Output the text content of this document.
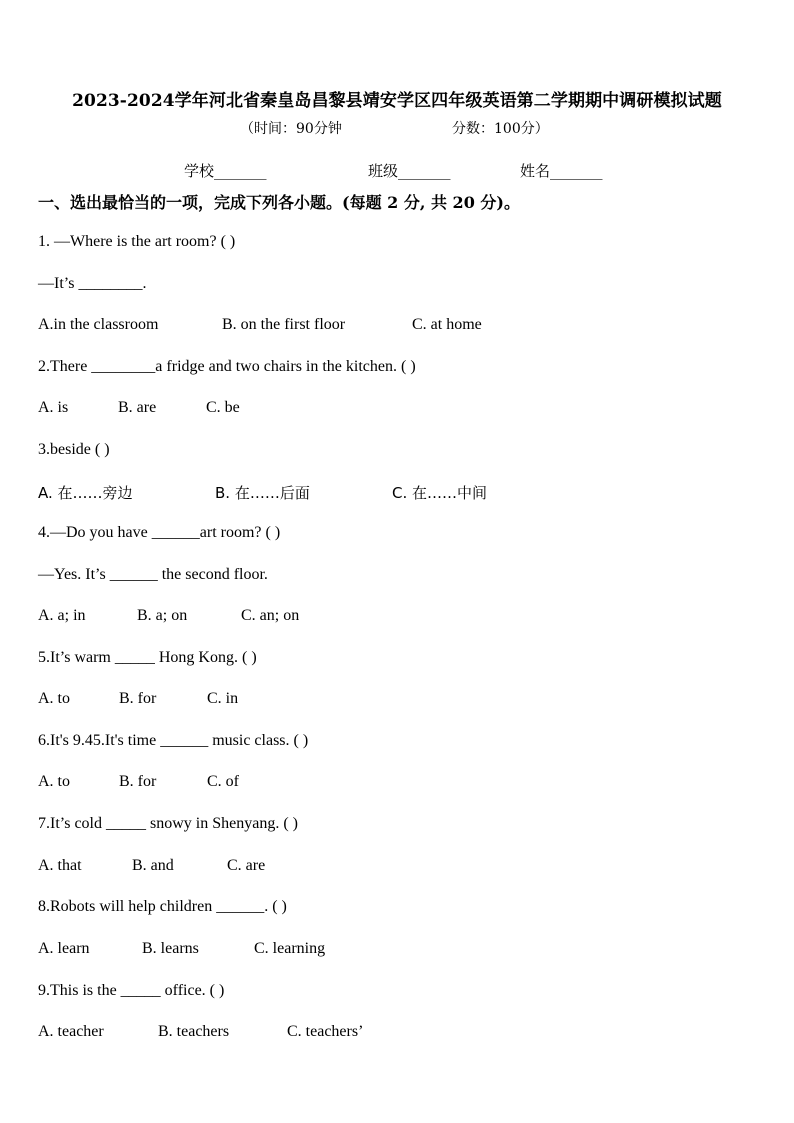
2023-2024学年河北省秦皇岛昌黎县靖安学区四年级英语第二学期期中调研模拟试题
（时间：90分钟	分数：100分）
学校_______	班级_______	姓名_______
一、选出最恰当的一项，完成下列各小题。(每题 2 分, 共 20 分)。
1. —Where is the art room? ( )
—It’s ________.
A.in the classroom	B. on the first floor	C. at home
2.There ________a fridge and two chairs in the kitchen. ( )
A. is	B. are	C. be
3.beside ( )
A. 在……旁边	B. 在……后面	C. 在……中间
4.—Do you have ______art room? ( )
—Yes. It’s ______ the second floor.
A. a; in	B. a; on	C. an; on
5.It’s warm _____ Hong Kong. ( )
A. to	B. for	C. in
6.It's 9.45.It's time ______ music class. ( )
A. to	B. for	C. of
7.It’s cold _____ snowy in Shenyang. ( )
A. that	B. and	C. are
8.Robots will help children ______. ( )
A. learn	B. learns	C. learning
9.This is the _____ office. ( )
A. teacher	B. teachers	C. teachers’
